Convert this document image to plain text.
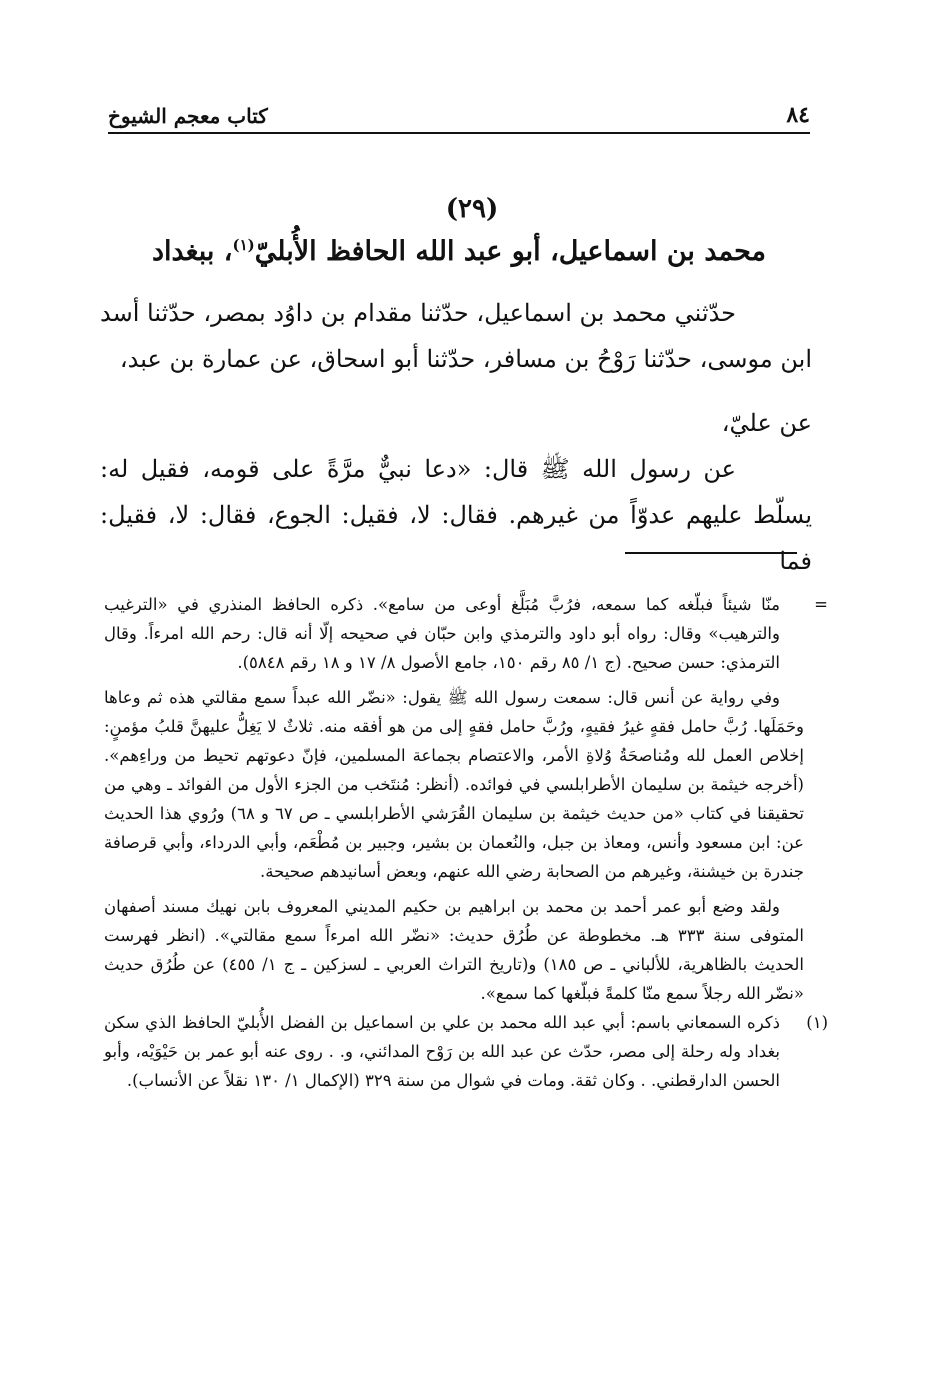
٨٤
كتاب معجم الشيوخ
(٢٩)
محمد بن اسماعيل، أبو عبد الله الحافظ الأُبليّ$^{(١)}$، ببغداد

حدّثني محمد بن اسماعيل، حدّثنا مقدام بن داوُد بمصر، حدّثنا أسد ابن موسى، حدّثنا رَوْحُ بن مسافر، حدّثنا أبو اسحاق، عن عمارة بن عبد،

عن عليّ،

عن رسول الله ﷺ قال: «دعا نبيٌّ مرَّةً على قومه، فقيل له: يسلّط عليهم عدوّاً من غيرهم. فقال: لا، فقيل: الجوع، فقال: لا، فقيل: فما

=منّا شيئاً فبلّغه كما سمعه، فرُبَّ مُبَلَّغ أوعى من سامع». ذكره الحافظ المنذري في «الترغيب والترهيب» وقال: رواه أبو داود والترمذي وابن حبّان في صحيحه إلّا أنه قال: رحم الله امرءاً. وقال الترمذي: حسن صحيح. (ج ١/ ٨٥ رقم ١٥٠، جامع الأصول ٨/ ١٧ و ١٨ رقم ٥٨٤٨).

وفي رواية عن أنس قال: سمعت رسول الله ﷺ يقول: «نضّر الله عبداً سمع مقالتي هذه ثم وعاها وحَمَلَها. رُبَّ حامل فقهٍ غيرُ فقيهٍ، ورُبَّ حامل فقهٍ إلى من هو أفقه منه. ثلاثٌ لا يَغِلُّ عليهنَّ قلبُ مؤمنٍ: إخلاص العمل لله ومُناصحَةُ وُلاةِ الأمر، والاعتصام بجماعة المسلمين، فإنّ دعوتهم تحيط من وراءِهم». (أخرجه خيثمة بن سليمان الأطرابلسي في فوائده. (أنظر: مُنتَخب من الجزء الأول من الفوائد ـ وهي من تحقيقنا في كتاب «من حديث خيثمة بن سليمان القُرَشي الأطرابلسي ـ ص ٦٧ و ٦٨) ورُوي هذا الحديث عن: ابن مسعود وأنس، ومعاذ بن جبل، والنُعمان بن بشير، وجبير بن مُطْعَم، وأبي الدرداء، وأبي قرصافة جندرة بن خيشنة، وغيرهم من الصحابة رضي الله عنهم، وبعض أسانيدهم صحيحة.

ولقد وضع أبو عمر أحمد بن محمد بن ابراهيم بن حكيم المديني المعروف بابن نهيك مسند أصفهان المتوفى سنة ٣٣٣ هـ. مخطوطة عن طُرُق حديث: «نضّر الله امرءاً سمع مقالتي». (انظر فهرست الحديث بالظاهرية، للألباني ـ ص ١٨٥) و(تاريخ التراث العربي ـ لسزكين ـ ج ١/ ٤٥٥) عن طُرُق حديث «نضّر الله رجلاً سمع منّا كلمةً فبلّغها كما سمع».

(١)ذكره السمعاني باسم: أبي عبد الله محمد بن علي بن اسماعيل بن الفضل الأُبليّ الحافظ الذي سكن بغداد وله رحلة إلى مصر، حدّث عن عبد الله بن رَوْح المدائني، و. . روى عنه أبو عمر بن حَيْوَيْه، وأبو الحسن الدارقطني. . وكان ثقة. ومات في شوال من سنة ٣٢٩ (الإكمال ١/ ١٣٠ نقلاً عن الأنساب).
